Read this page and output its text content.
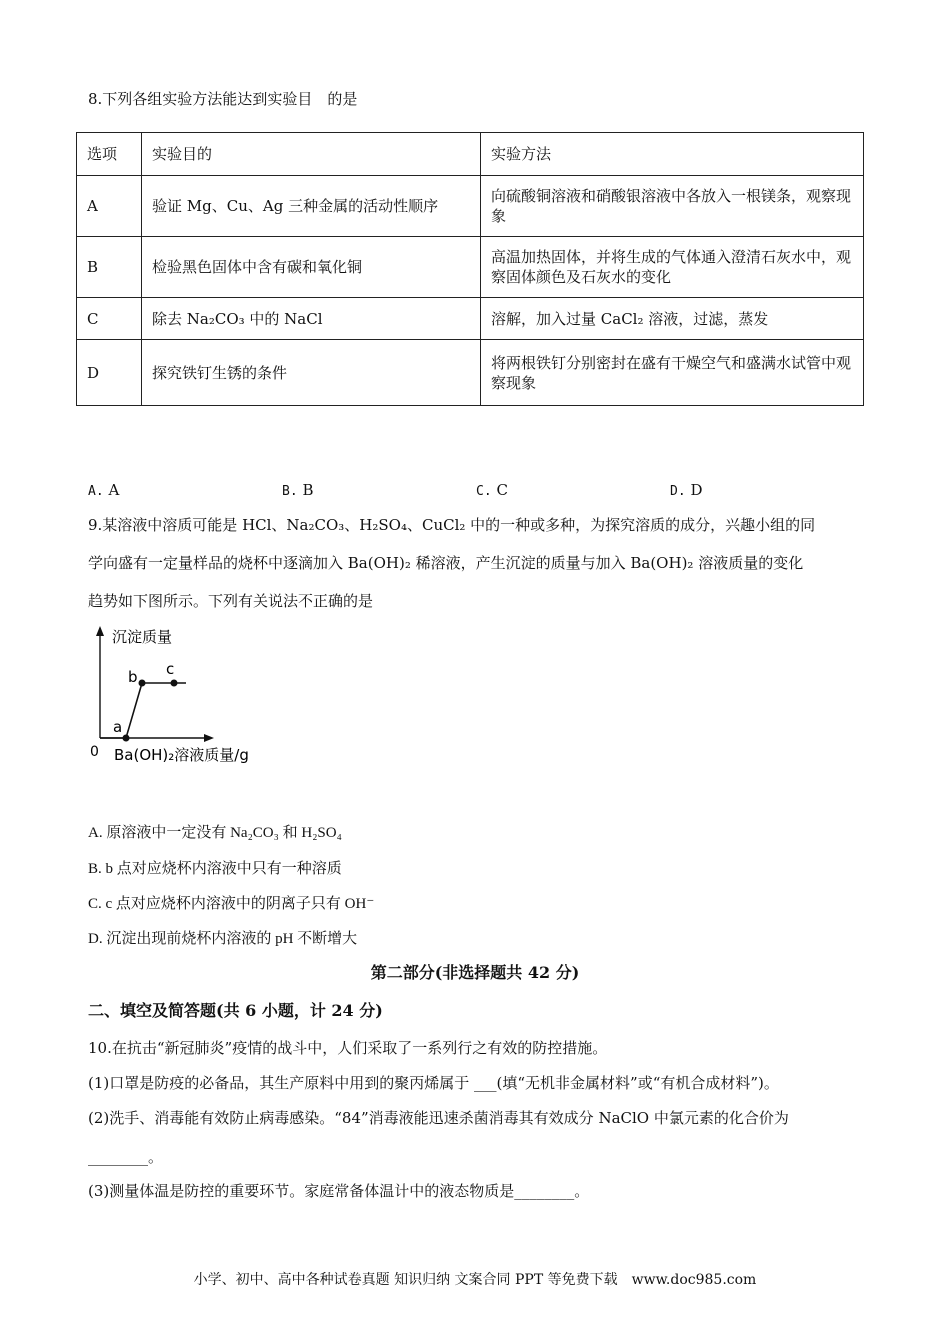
8.下列各组实验方法能达到实验目　的是
选项	实验目的	实验方法
A	验证 Mg、Cu、Ag 三种金属的活动性顺序	向硫酸铜溶液和硝酸银溶液中各放入一根镁条，观察现象
B	检验黑色固体中含有碳和氧化铜	高温加热固体，并将生成的气体通入澄清石灰水中，观察固体颜色及石灰水的变化
C	除去 Na₂CO₃ 中的 NaCl	溶解，加入过量 CaCl₂ 溶液，过滤，蒸发
D	探究铁钉生锈的条件	将两根铁钉分别密封在盛有干燥空气和盛满水试管中观察现象
A. A	B. B	C. C	D. D
9.某溶液中溶质可能是 HCl、Na₂CO₃、H₂SO₄、CuCl₂ 中的一种或多种，为探究溶质的成分，兴趣小组的同
学向盛有一定量样品的烧杯中逐滴加入 Ba(OH)₂ 稀溶液，产生沉淀的质量与加入 Ba(OH)₂ 溶液质量的变化
趋势如下图所示。下列有关说法不正确的是
沉淀质量
a
b c
0 Ba(OH)₂溶液质量/g
A. 原溶液中一定没有 Na₂CO₃ 和 H₂SO₄
B. b 点对应烧杯内溶液中只有一种溶质
C. c 点对应烧杯内溶液中的阴离子只有 OH⁻
D. 沉淀出现前烧杯内溶液的 pH 不断增大
第二部分(非选择题共 42 分)
二、填空及简答题(共 6 小题，计 24 分)
10.在抗击“新冠肺炎”疫情的战斗中，人们采取了一系列行之有效的防控措施。
(1)口罩是防疫的必备品，其生产原料中用到的聚丙烯属于 ___(填“无机非金属材料”或“有机合成材料”)。
(2)洗手、消毒能有效防止病毒感染。“84”消毒液能迅速杀菌消毒其有效成分 NaClO 中氯元素的化合价为
________。
(3)测量体温是防控的重要环节。家庭常备体温计中的液态物质是________。
小学、初中、高中各种试卷真题 知识归纳 文案合同 PPT 等免费下载　www.doc985.com
